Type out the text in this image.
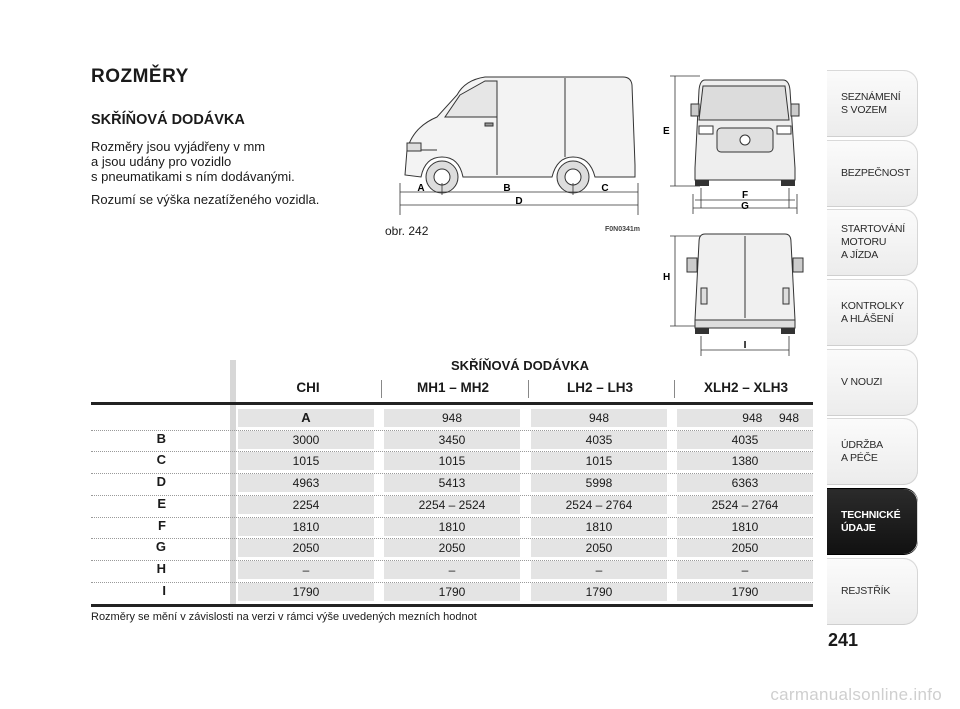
ROZMĚRY
SKŘÍŇOVÁ DODÁVKA
Rozměry jsou vyjádřeny v mm
a jsou udány pro vozidlo
s pneumatikami s ním dodávanými.
Rozumí se výška nezatíženého vozidla.
A	B	C
D
E
F
G
H
I
obr. 242	F0N0341m
SKŘÍŇOVÁ DODÁVKA
CHI	MH1 – MH2	LH2 – LH3	XLH2 – XLH3
A	948	948	948     948
B	3000	3450	4035	4035
C	1015	1015	1015	1380
D	4963	5413	5998	6363
E	2254	2254 – 2524	2524 – 2764	2524 – 2764
F	1810	1810	1810	1810
G	2050	2050	2050	2050
H	–	–	–	–
I	1790	1790	1790	1790
Rozměry se mění v závislosti na verzi v rámci výše uvedených mezních hodnot
SEZNÁMENÍ
S VOZEM
BEZPEČNOST
STARTOVÁNÍ
MOTORU
A JÍZDA
KONTROLKY
A HLÁŠENÍ
V NOUZI
ÚDRŽBA
A PÉČE
TECHNICKÉ
ÚDAJE
REJSTŘÍK
241
carmanualsonline.info
